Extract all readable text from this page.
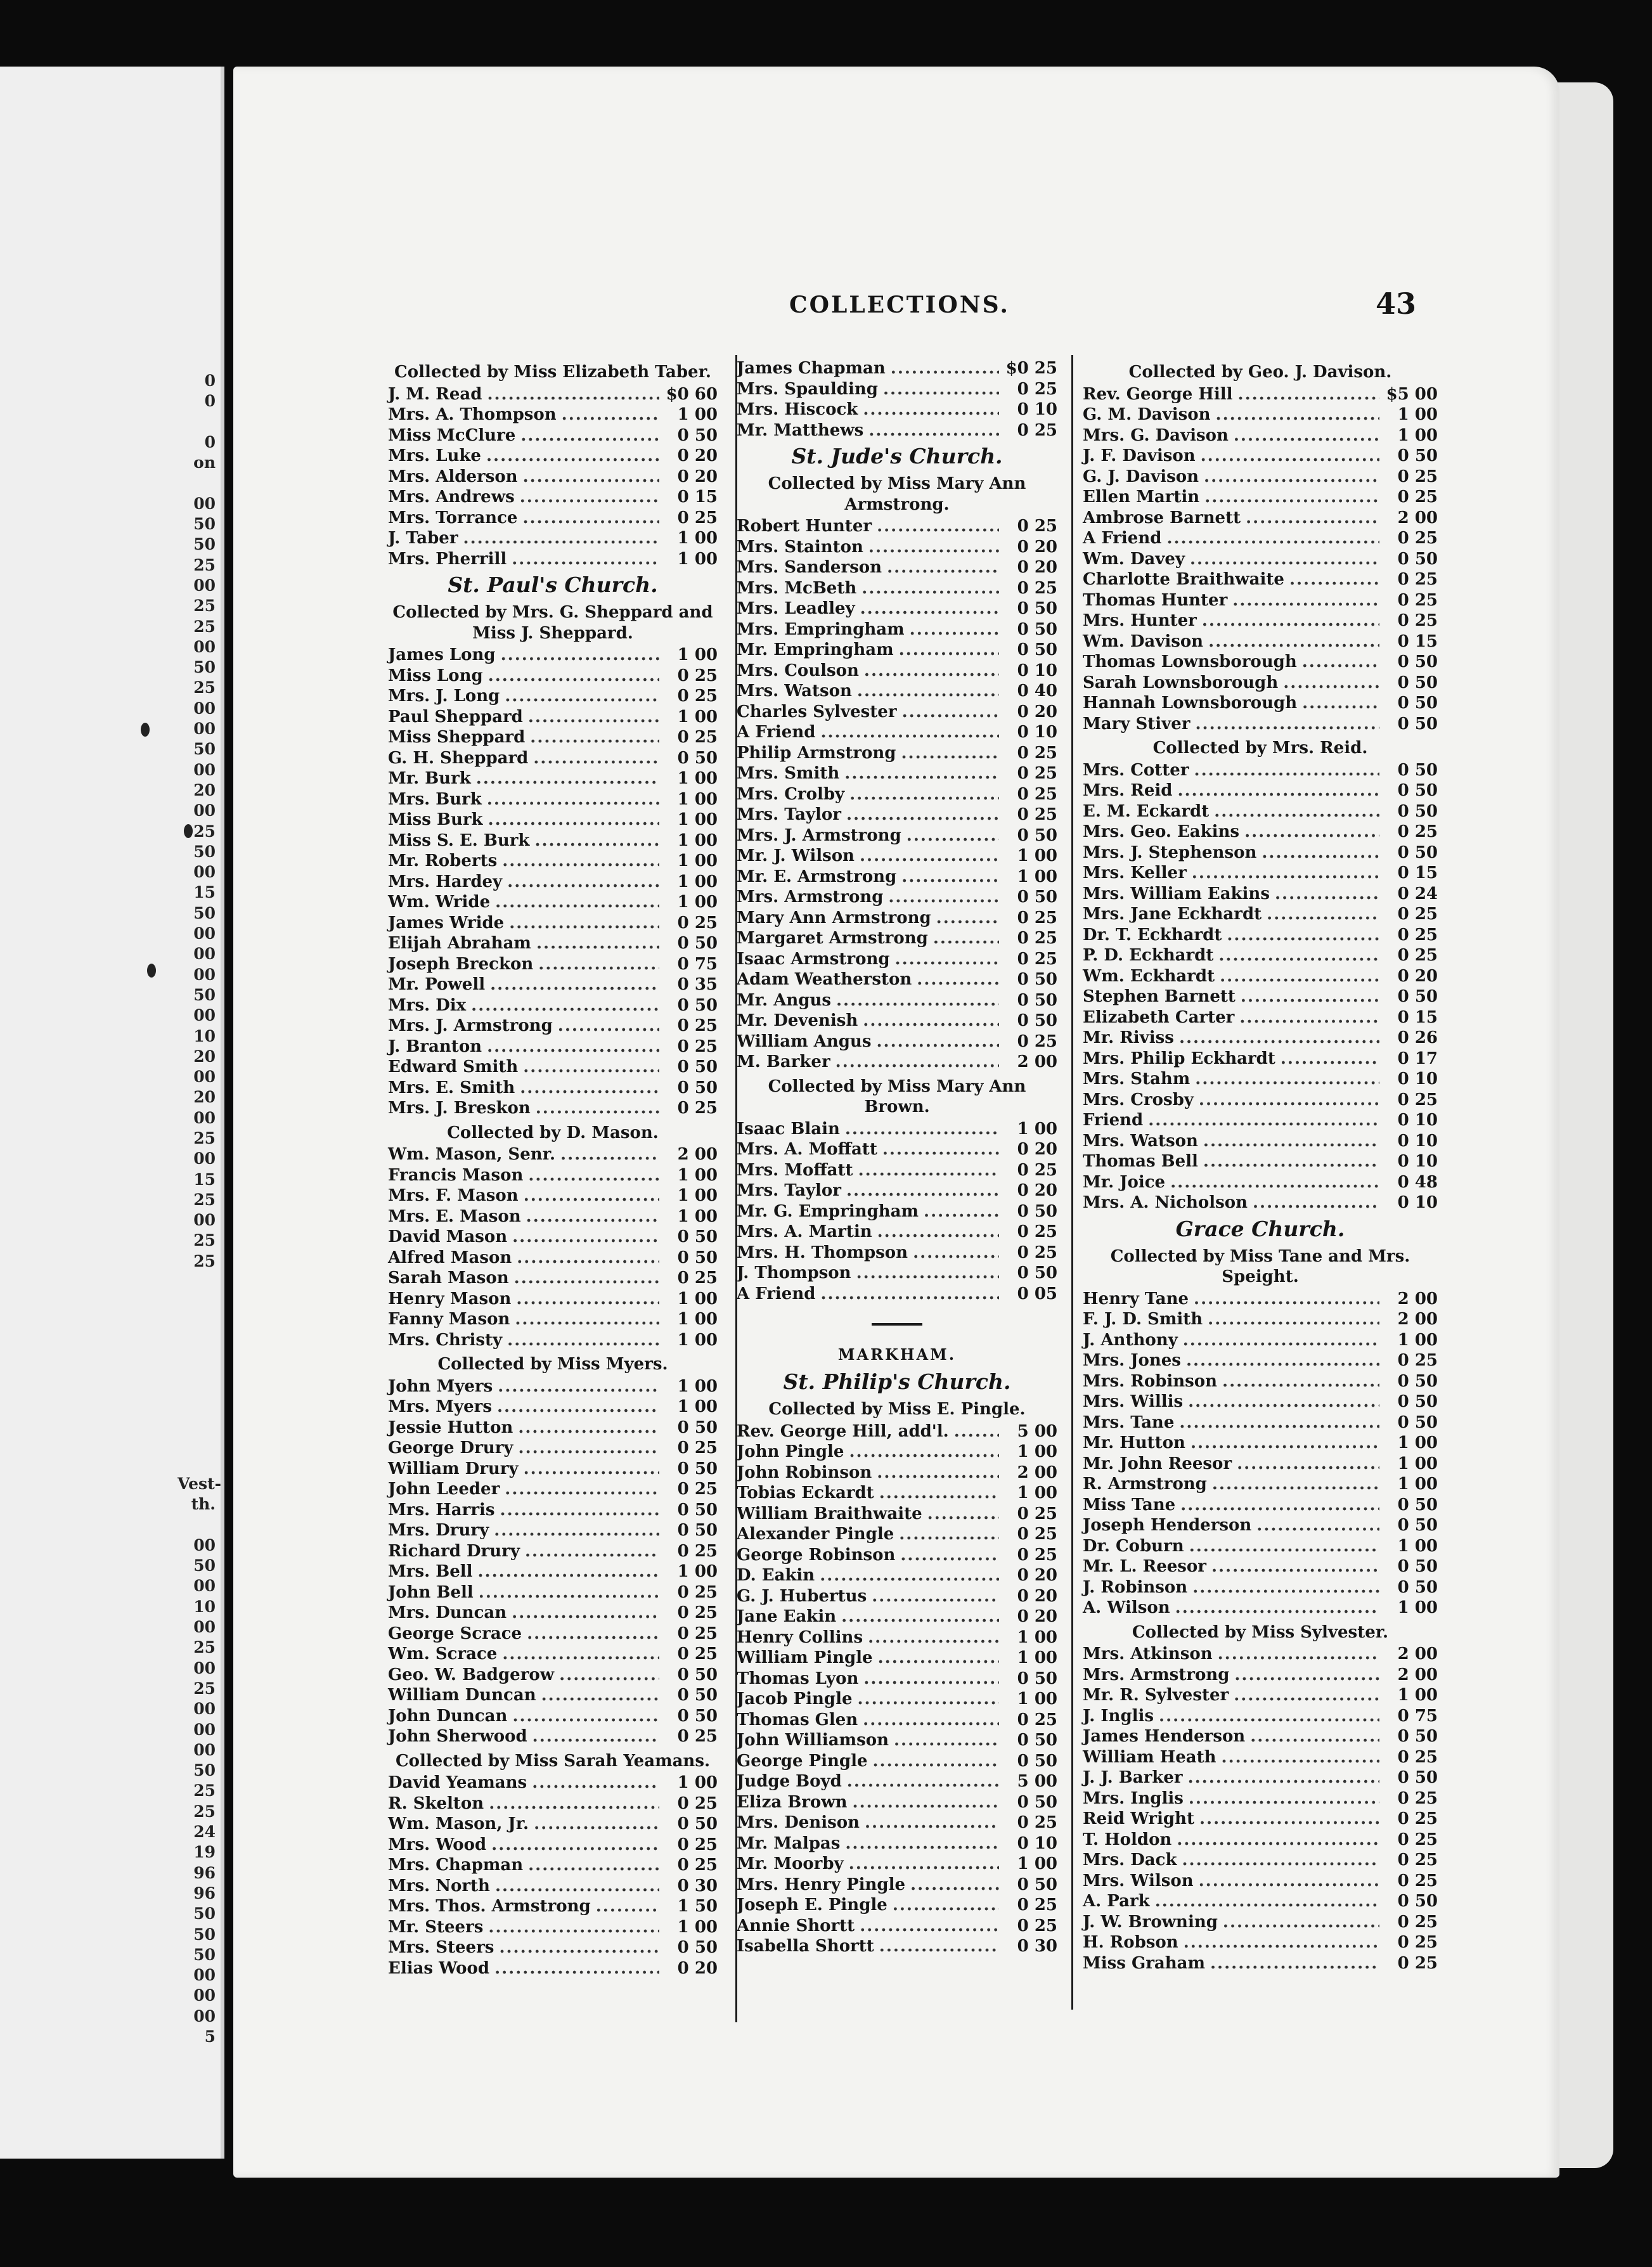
0
0

0
on

00
50
50
25
00
25
25
00
50
25
00
00
50
00
20
00
25
50
00
15
50
00
00
00
50
00
10
20
00
20
00
25
00
15
25
00
25
25
Vest-
th.

00
50
00
10
00
25
00
25
00
00
00
50
25
25
24
19
96
96
50
50
50
00
00
00
5
COLLECTIONS.	43
Collected by Miss Elizabeth Taber.
J. M. Read .....	$0 60
Mrs. A. Thompson .....	1 00
Miss McClure .....	0 50
Mrs. Luke .....	0 20
Mrs. Alderson .....	0 20
Mrs. Andrews .....	0 15
Mrs. Torrance .....	0 25
J. Taber .....	1 00
Mrs. Pherrill .....	1 00
St. Paul's Church.
Collected by Mrs. G. Sheppard and Miss J. Sheppard.
James Long .....	1 00
Miss Long .....	0 25
Mrs. J. Long .....	0 25
Paul Sheppard .....	1 00
Miss Sheppard .....	0 25
G. H. Sheppard .....	0 50
Mr. Burk .....	1 00
Mrs. Burk .....	1 00
Miss Burk .....	1 00
Miss S. E. Burk .....	1 00
Mr. Roberts .....	1 00
Mrs. Hardey .....	1 00
Wm. Wride .....	1 00
James Wride .....	0 25
Elijah Abraham .....	0 50
Joseph Breckon .....	0 75
Mr. Powell .....	0 35
Mrs. Dix .....	0 50
Mrs. J. Armstrong .....	0 25
J. Branton .....	0 25
Edward Smith .....	0 50
Mrs. E. Smith .....	0 50
Mrs. J. Breskon .....	0 25
Collected by D. Mason.
Wm. Mason, Senr. .....	2 00
Francis Mason .....	1 00
Mrs. F. Mason .....	1 00
Mrs. E. Mason .....	1 00
David Mason .....	0 50
Alfred Mason .....	0 50
Sarah Mason .....	0 25
Henry Mason .....	1 00
Fanny Mason .....	1 00
Mrs. Christy .....	1 00
Collected by Miss Myers.
John Myers .....	1 00
Mrs. Myers .....	1 00
Jessie Hutton .....	0 50
George Drury .....	0 25
William Drury .....	0 50
John Leeder .....	0 25
Mrs. Harris .....	0 50
Mrs. Drury .....	0 50
Richard Drury .....	0 25
Mrs. Bell .....	1 00
John Bell .....	0 25
Mrs. Duncan .....	0 25
George Scrace .....	0 25
Wm. Scrace .....	0 25
Geo. W. Badgerow .....	0 50
William Duncan .....	0 50
John Duncan .....	0 50
John Sherwood .....	0 25
Collected by Miss Sarah Yeamans.
David Yeamans .....	1 00
R. Skelton .....	0 25
Wm. Mason, Jr. .....	0 50
Mrs. Wood .....	0 25
Mrs. Chapman .....	0 25
Mrs. North .....	0 30
Mrs. Thos. Armstrong .....	1 50
Mr. Steers .....	1 00
Mrs. Steers .....	0 50
Elias Wood .....	0 20
James Chapman .....	$0 25
Mrs. Spaulding .....	0 25
Mrs. Hiscock .....	0 10
Mr. Matthews .....	0 25
St. Jude's Church.
Collected by Miss Mary Ann Armstrong.
Robert Hunter .....	0 25
Mrs. Stainton .....	0 20
Mrs. Sanderson .....	0 20
Mrs. McBeth .....	0 25
Mrs. Leadley .....	0 50
Mrs. Empringham .....	0 50
Mr. Empringham .....	0 50
Mrs. Coulson .....	0 10
Mrs. Watson .....	0 40
Charles Sylvester .....	0 20
A Friend .....	0 10
Philip Armstrong .....	0 25
Mrs. Smith .....	0 25
Mrs. Crolby .....	0 25
Mrs. Taylor .....	0 25
Mrs. J. Armstrong .....	0 50
Mr. J. Wilson .....	1 00
Mr. E. Armstrong .....	1 00
Mrs. Armstrong .....	0 50
Mary Ann Armstrong .....	0 25
Margaret Armstrong .....	0 25
Isaac Armstrong .....	0 25
Adam Weatherston .....	0 50
Mr. Angus .....	0 50
Mr. Devenish .....	0 50
William Angus .....	0 25
M. Barker .....	2 00
Collected by Miss Mary Ann Brown.
Isaac Blain .....	1 00
Mrs. A. Moffatt .....	0 20
Mrs. Moffatt .....	0 25
Mrs. Taylor .....	0 20
Mr. G. Empringham .....	0 50
Mrs. A. Martin .....	0 25
Mrs. H. Thompson .....	0 25
J. Thompson .....	0 50
A Friend .....	0 05
MARKHAM.
St. Philip's Church.
Collected by Miss E. Pingle.
Rev. George Hill, add'l. .....	5 00
John Pingle .....	1 00
John Robinson .....	2 00
Tobias Eckardt .....	1 00
William Braithwaite .....	0 25
Alexander Pingle .....	0 25
George Robinson .....	0 25
D. Eakin .....	0 20
G. J. Hubertus .....	0 20
Jane Eakin .....	0 20
Henry Collins .....	1 00
William Pingle .....	1 00
Thomas Lyon .....	0 50
Jacob Pingle .....	1 00
Thomas Glen .....	0 25
John Williamson .....	0 50
George Pingle .....	0 50
Judge Boyd .....	5 00
Eliza Brown .....	0 50
Mrs. Denison .....	0 25
Mr. Malpas .....	0 10
Mr. Moorby .....	1 00
Mrs. Henry Pingle .....	0 50
Joseph E. Pingle .....	0 25
Annie Shortt .....	0 25
Isabella Shortt .....	0 30
Collected by Geo. J. Davison.
Rev. George Hill .....	$5 00
G. M. Davison .....	1 00
Mrs. G. Davison .....	1 00
J. F. Davison .....	0 50
G. J. Davison .....	0 25
Ellen Martin .....	0 25
Ambrose Barnett .....	2 00
A Friend .....	0 25
Wm. Davey .....	0 50
Charlotte Braithwaite .....	0 25
Thomas Hunter .....	0 25
Mrs. Hunter .....	0 25
Wm. Davison .....	0 15
Thomas Lownsborough .....	0 50
Sarah Lownsborough .....	0 50
Hannah Lownsborough .....	0 50
Mary Stiver .....	0 50
Collected by Mrs. Reid.
Mrs. Cotter .....	0 50
Mrs. Reid .....	0 50
E. M. Eckardt .....	0 50
Mrs. Geo. Eakins .....	0 25
Mrs. J. Stephenson .....	0 50
Mrs. Keller .....	0 15
Mrs. William Eakins .....	0 24
Mrs. Jane Eckhardt .....	0 25
Dr. T. Eckhardt .....	0 25
P. D. Eckhardt .....	0 25
Wm. Eckhardt .....	0 20
Stephen Barnett .....	0 50
Elizabeth Carter .....	0 15
Mr. Riviss .....	0 26
Mrs. Philip Eckhardt .....	0 17
Mrs. Stahm .....	0 10
Mrs. Crosby .....	0 25
Friend .....	0 10
Mrs. Watson .....	0 10
Thomas Bell .....	0 10
Mr. Joice .....	0 48
Mrs. A. Nicholson .....	0 10
Grace Church.
Collected by Miss Tane and Mrs. Speight.
Henry Tane .....	2 00
F. J. D. Smith .....	2 00
J. Anthony .....	1 00
Mrs. Jones .....	0 25
Mrs. Robinson .....	0 50
Mrs. Willis .....	0 50
Mrs. Tane .....	0 50
Mr. Hutton .....	1 00
Mr. John Reesor .....	1 00
R. Armstrong .....	1 00
Miss Tane .....	0 50
Joseph Henderson .....	0 50
Dr. Coburn .....	1 00
Mr. L. Reesor .....	0 50
J. Robinson .....	0 50
A. Wilson .....	1 00
Collected by Miss Sylvester.
Mrs. Atkinson .....	2 00
Mrs. Armstrong .....	2 00
Mr. R. Sylvester .....	1 00
J. Inglis .....	0 75
James Henderson .....	0 50
William Heath .....	0 25
J. J. Barker .....	0 50
Mrs. Inglis .....	0 25
Reid Wright .....	0 25
T. Holdon .....	0 25
Mrs. Dack .....	0 25
Mrs. Wilson .....	0 25
A. Park .....	0 50
J. W. Browning .....	0 25
H. Robson .....	0 25
Miss Graham .....	0 25
